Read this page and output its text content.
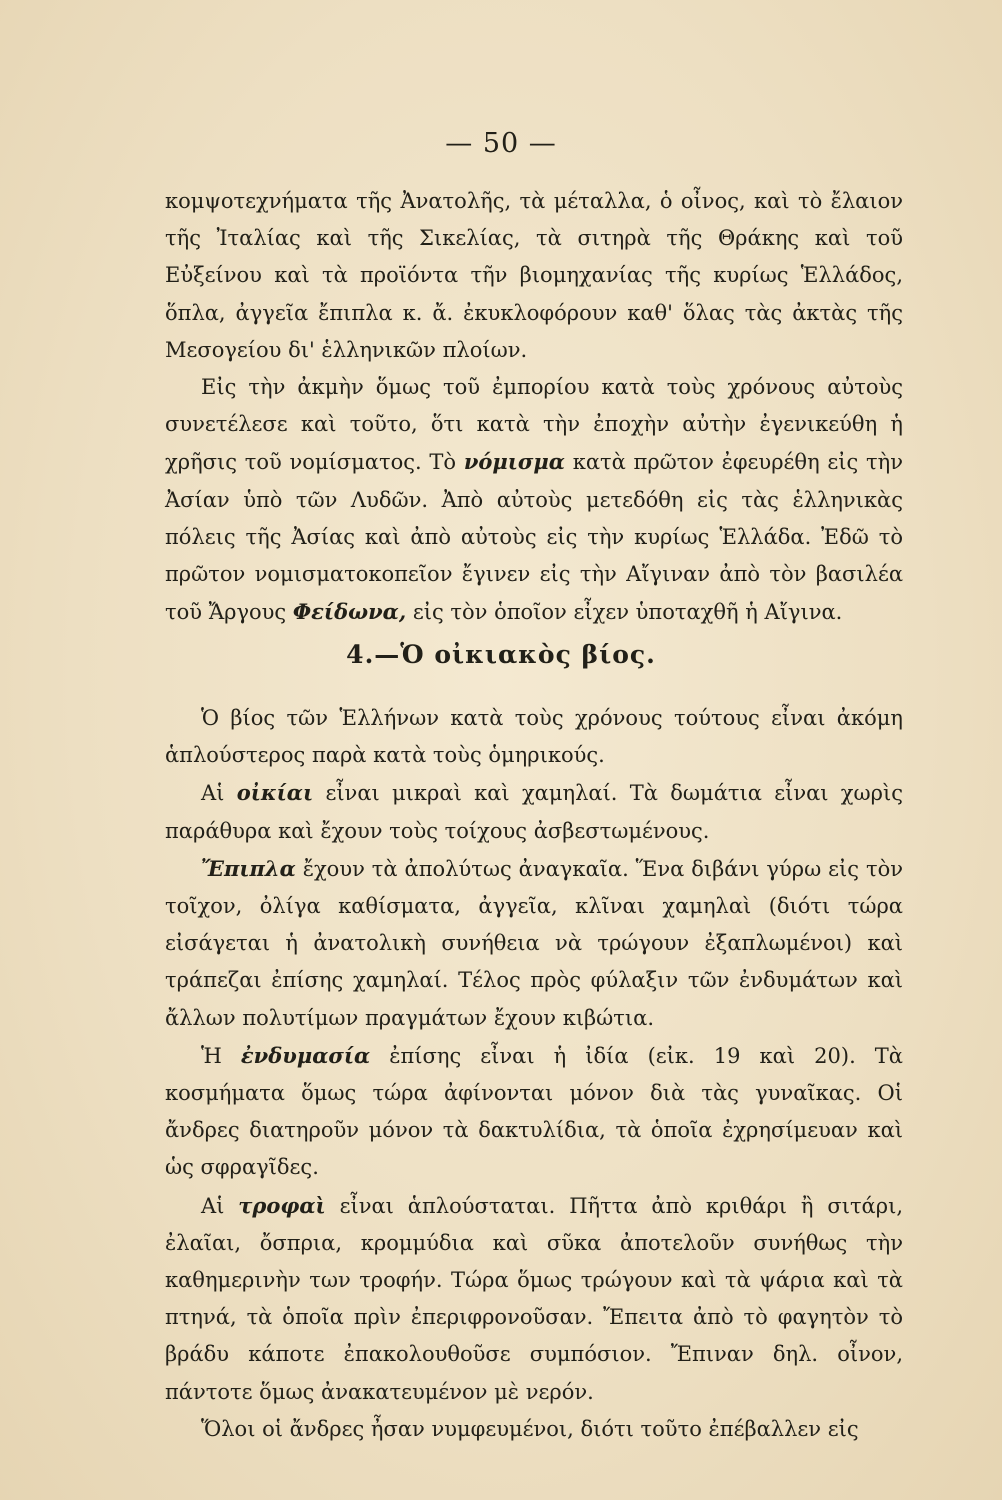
— 50 —

κομψοτεχνήματα τῆς Ἀνατολῆς, τὰ μέταλλα, ὁ οἶνος, καὶ τὸ ἔλαιον τῆς Ἰταλίας καὶ τῆς Σικελίας, τὰ σιτηρὰ τῆς Θράκης καὶ τοῦ Εὐξείνου καὶ τὰ προϊόντα τῆν βιομηχανίας τῆς κυρίως Ἑλλάδος, ὅπλα, ἀγγεῖα ἔπιπλα κ. ἄ. ἐκυκλοφόρουν καθ' ὅλας τὰς ἀκτὰς τῆς Μεσογείου δι' ἑλληνικῶν πλοίων.

Εἰς τὴν ἀκμὴν ὅμως τοῦ ἐμπορίου κατὰ τοὺς χρόνους αὐτοὺς συνετέλεσε καὶ τοῦτο, ὅτι κατὰ τὴν ἐποχὴν αὐτὴν ἐγενικεύθη ἡ χρῆσις τοῦ νομίσματος. Τὸ νόμισμα κατὰ πρῶτον ἐφευρέθη εἰς τὴν Ἀσίαν ὑπὸ τῶν Λυδῶν. Ἀπὸ αὐτοὺς μετεδόθη εἰς τὰς ἑλληνικὰς πόλεις τῆς Ἀσίας καὶ ἀπὸ αὐτοὺς εἰς τὴν κυρίως Ἑλλάδα. Ἐδῶ τὸ πρῶτον νομισματοκοπεῖον ἔγινεν εἰς τὴν Αἴγιναν ἀπὸ τὸν βασιλέα τοῦ Ἄργους Φείδωνα, εἰς τὸν ὁποῖον εἶχεν ὑποταχθῆ ἡ Αἴγινα.

4.—Ὁ οἰκιακὸς βίος.

Ὁ βίος τῶν Ἑλλήνων κατὰ τοὺς χρόνους τούτους εἶναι ἀκόμη ἁπλούστερος παρὰ κατὰ τοὺς ὁμηρικούς.

Αἱ οἰκίαι εἶναι μικραὶ καὶ χαμηλαί. Τὰ δωμάτια εἶναι χωρὶς παράθυρα καὶ ἔχουν τοὺς τοίχους ἀσβεστωμένους.

Ἔπιπλα ἔχουν τὰ ἀπολύτως ἀναγκαῖα. Ἕνα διβάνι γύρω εἰς τὸν τοῖχον, ὀλίγα καθίσματα, ἀγγεῖα, κλῖναι χαμηλαὶ (διότι τώρα εἰσάγεται ἡ ἀνατολικὴ συνήθεια νὰ τρώγουν ἐξαπλωμένοι) καὶ τράπεζαι ἐπίσης χαμηλαί. Τέλος πρὸς φύλαξιν τῶν ἐνδυμάτων καὶ ἄλλων πολυτίμων πραγμάτων ἔχουν κιβώτια.

Ἡ ἐνδυμασία ἐπίσης εἶναι ἡ ἰδία (εἰκ. 19 καὶ 20). Τὰ κοσμήματα ὅμως τώρα ἀφίνονται μόνον διὰ τὰς γυναῖκας. Οἱ ἄνδρες διατηροῦν μόνον τὰ δακτυλίδια, τὰ ὁποῖα ἐχρησίμευαν καὶ ὡς σφραγῖδες.

Αἱ τροφαὶ εἶναι ἁπλούσταται. Πῆττα ἀπὸ κριθάρι ἢ σιτάρι, ἐλαῖαι, ὄσπρια, κρομμύδια καὶ σῦκα ἀποτελοῦν συνήθως τὴν καθημερινὴν των τροφήν. Τώρα ὅμως τρώγουν καὶ τὰ ψάρια καὶ τὰ πτηνά, τὰ ὁποῖα πρὶν ἐπεριφρονοῦσαν. Ἔπειτα ἀπὸ τὸ φαγητὸν τὸ βράδυ κάποτε ἐπακολουθοῦσε συμπόσιον. Ἔπιναν δηλ. οἶνον, πάντοτε ὅμως ἀνακατευμένον μὲ νερόν.

Ὅλοι οἱ ἄνδρες ἦσαν νυμφευμένοι, διότι τοῦτο ἐπέβαλλεν εἰς
